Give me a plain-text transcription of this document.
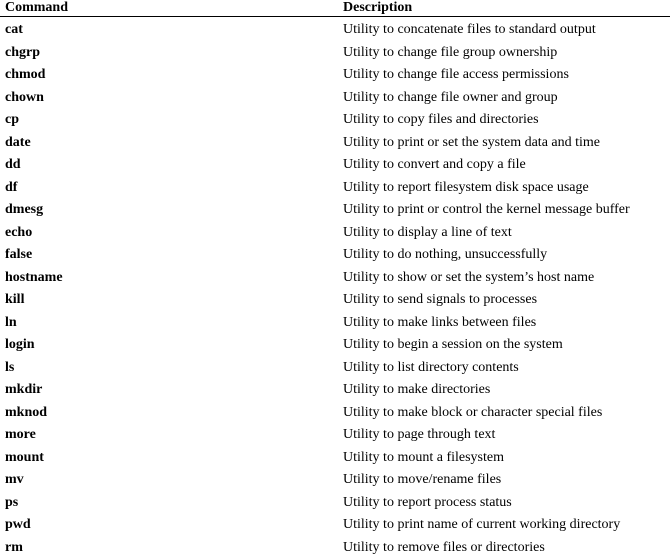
Command	Description
cat	Utility to concatenate files to standard output
chgrp	Utility to change file group ownership
chmod	Utility to change file access permissions
chown	Utility to change file owner and group
cp	Utility to copy files and directories
date	Utility to print or set the system data and time
dd	Utility to convert and copy a file
df	Utility to report filesystem disk space usage
dmesg	Utility to print or control the kernel message buffer
echo	Utility to display a line of text
false	Utility to do nothing, unsuccessfully
hostname	Utility to show or set the system’s host name
kill	Utility to send signals to processes
ln	Utility to make links between files
login	Utility to begin a session on the system
ls	Utility to list directory contents
mkdir	Utility to make directories
mknod	Utility to make block or character special files
more	Utility to page through text
mount	Utility to mount a filesystem
mv	Utility to move/rename files
ps	Utility to report process status
pwd	Utility to print name of current working directory
rm	Utility to remove files or directories
